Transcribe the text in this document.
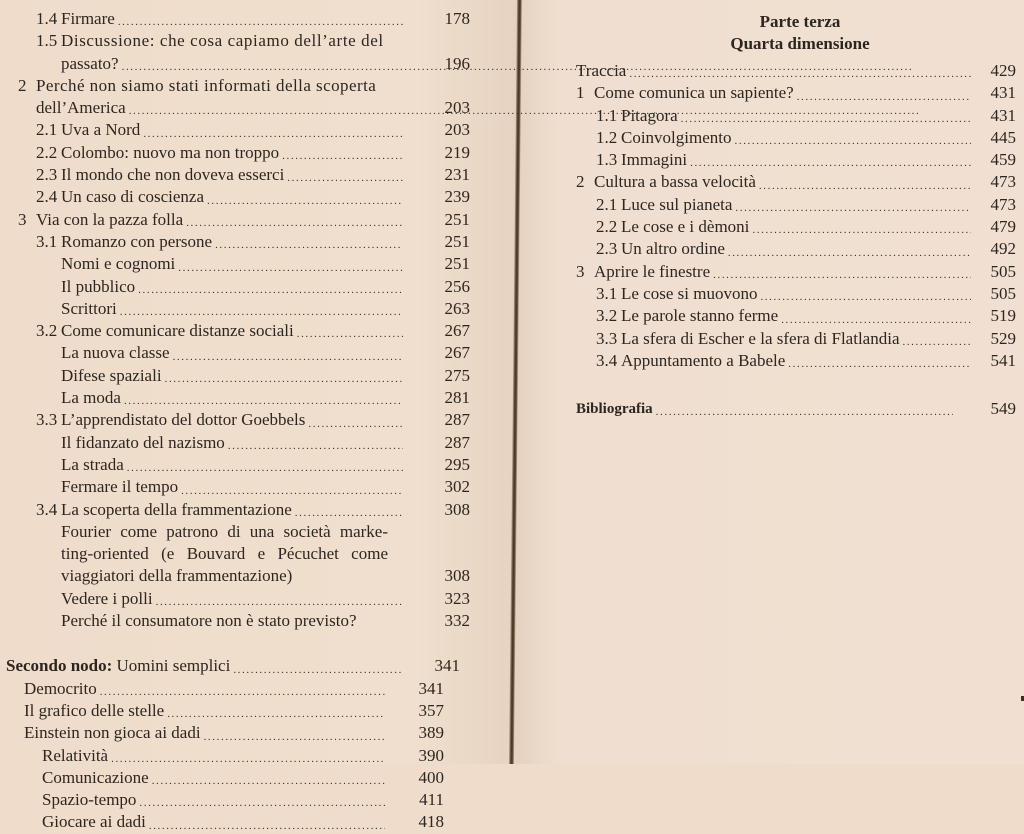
1.4 Firmare .....	178
1.5 Discussione: che cosa capiamo dell’arte del
passato? .....	196
2 Perché non siamo stati informati della scoperta
dell’America .....	203
2.1 Uva a Nord .....	203
2.2 Colombo: nuovo ma non troppo .....	219
2.3 Il mondo che non doveva esserci .....	231
2.4 Un caso di coscienza .....	239
3 Via con la pazza folla .....	251
3.1 Romanzo con persone .....	251
Nomi e cognomi .....	251
Il pubblico .....	256
Scrittori .....	263
3.2 Come comunicare distanze sociali .....	267
La nuova classe .....	267
Difese spaziali .....	275
La moda .....	281
3.3 L’apprendistato del dottor Goebbels .....	287
Il fidanzato del nazismo .....	287
La strada .....	295
Fermare il tempo .....	302
3.4 La scoperta della frammentazione .....	308
Fourier come patrono di una società marke-ting-oriented (e Bouvard e Pécuchet come viaggiatori della frammentazione)	308
Vedere i polli .....	323
Perché il consumatore non è stato previsto?	332
Secondo nodo:
Uomini semplici .....	341
Democrito .....	341
Il grafico delle stelle .....	357
Einstein non gioca ai dadi .....	389
Relatività .....	390
Comunicazione .....	400
Spazio-tempo .....	411
Giocare ai dadi .....	418
Parte terza
Quarta dimensione
Traccia .....	429
1 Come comunica un sapiente? .....	431
1.1 Pitagora .....	431
1.2 Coinvolgimento .....	445
1.3 Immagini .....	459
2 Cultura a bassa velocità .....	473
2.1 Luce sul pianeta .....	473
2.2 Le cose e i dèmoni .....	479
2.3 Un altro ordine .....	492
3 Aprire le finestre .....	505
3.1 Le cose si muovono .....	505
3.2 Le parole stanno ferme .....	519
3.3 La sfera di Escher e la sfera di Flatlandia .....	529
3.4 Appuntamento a Babele .....	541
Bibliografia .....	549
